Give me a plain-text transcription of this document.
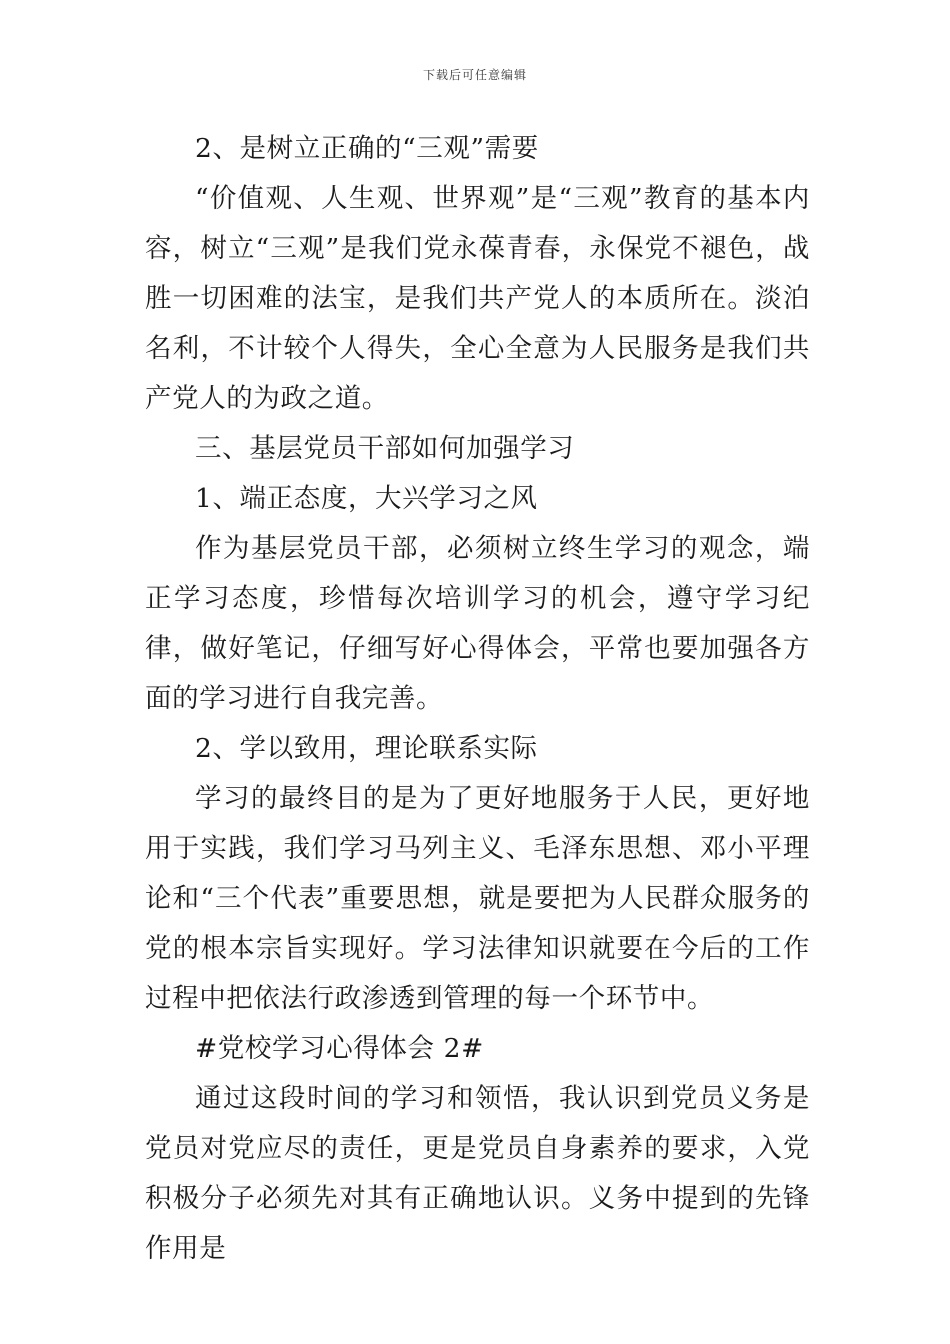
下载后可任意编辑

2、是树立正确的“三观”需要

“价值观、人生观、世界观”是“三观”教育的基本内容，树立“三观”是我们党永葆青春，永保党不褪色，战胜一切困难的法宝，是我们共产党人的本质所在。淡泊名利，不计较个人得失，全心全意为人民服务是我们共产党人的为政之道。

三、基层党员干部如何加强学习

1、端正态度，大兴学习之风

作为基层党员干部，必须树立终生学习的观念，端正学习态度，珍惜每次培训学习的机会，遵守学习纪律，做好笔记，仔细写好心得体会，平常也要加强各方面的学习进行自我完善。

2、学以致用，理论联系实际

学习的最终目的是为了更好地服务于人民，更好地用于实践，我们学习马列主义、毛泽东思想、邓小平理论和“三个代表”重要思想，就是要把为人民群众服务的党的根本宗旨实现好。学习法律知识就要在今后的工作过程中把依法行政渗透到管理的每一个环节中。

#党校学习心得体会 2#

通过这段时间的学习和领悟，我认识到党员义务是党员对党应尽的责任，更是党员自身素养的要求，入党积极分子必须先对其有正确地认识。义务中提到的先锋作用是
